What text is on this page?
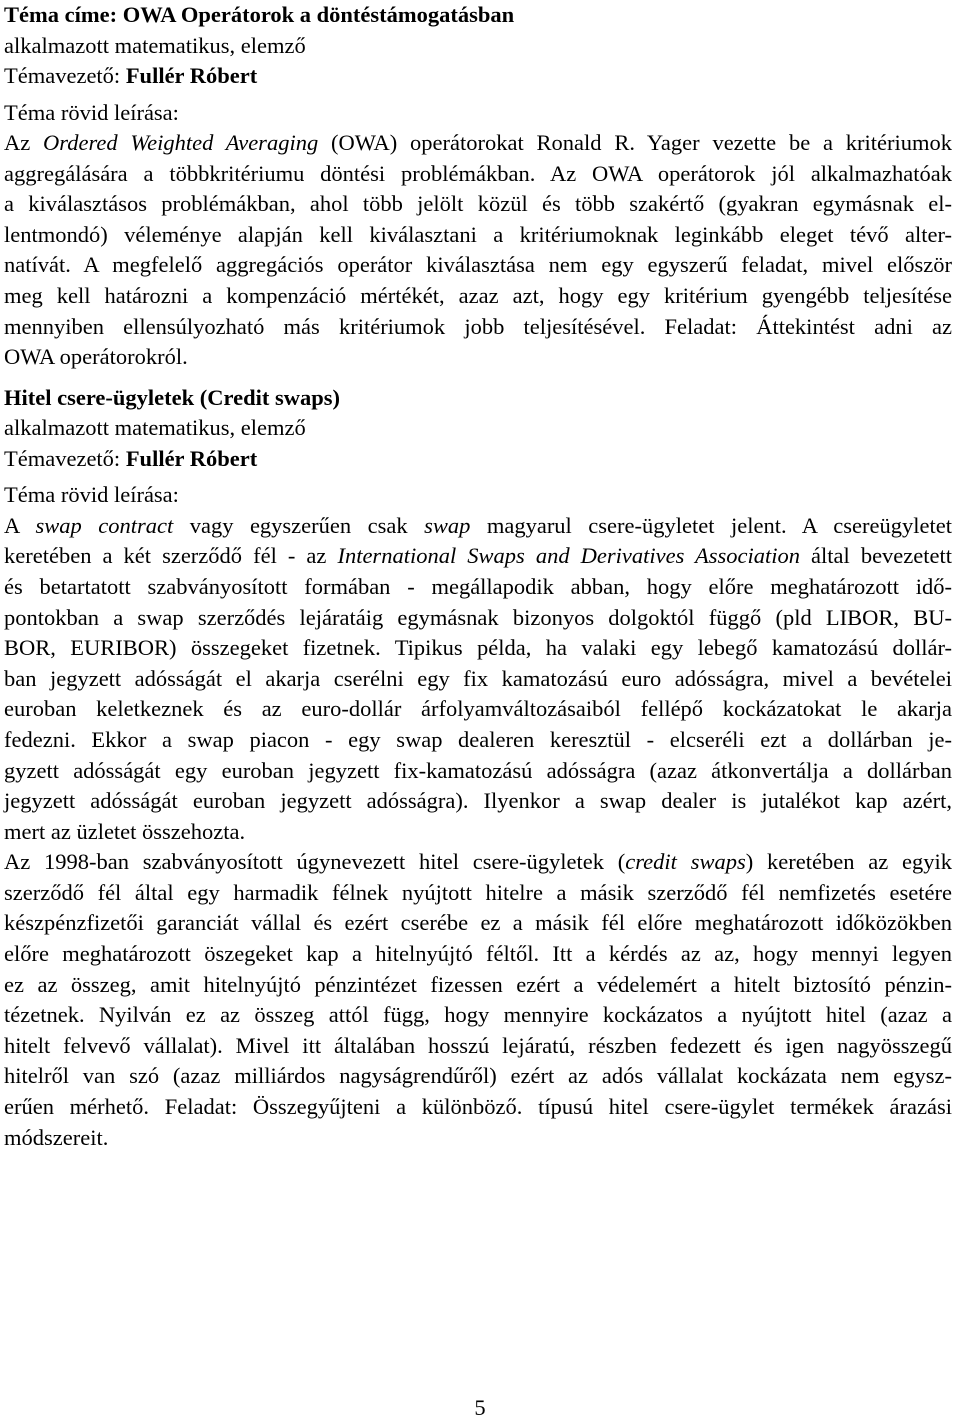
Téma címe: OWA Operátorok a döntéstámogatásban
alkalmazott matematikus, elemző
Témavezető: Fullér Róbert
Téma rövid leírása:
Az Ordered Weighted Averaging (OWA) operátorokat Ronald R. Yager vezette be a kritériumok
aggregálására a többkritériumu döntési problémákban. Az OWA operátorok jól alkalmazhatóak
a kiválasztásos problémákban, ahol több jelölt közül és több szakértő (gyakran egymásnak el-
lentmondó) véleménye alapján kell kiválasztani a kritériumoknak leginkább eleget tévő alter-
natívát. A megfelelő aggregációs operátor kiválasztása nem egy egyszerű feladat, mivel először
meg kell határozni a kompenzáció mértékét, azaz azt, hogy egy kritérium gyengébb teljesítése
mennyiben ellensúlyozható más kritériumok jobb teljesítésével. Feladat: Áttekintést adni az
OWA operátorokról.
Hitel csere-ügyletek (Credit swaps)
alkalmazott matematikus, elemző
Témavezető: Fullér Róbert
Téma rövid leírása:
A swap contract vagy egyszerűen csak swap magyarul csere-ügyletet jelent. A csereügyletet
keretében a két szerződő fél - az International Swaps and Derivatives Association által bevezetett
és betartatott szabványosított formában - megállapodik abban, hogy előre meghatározott idő-
pontokban a swap szerződés lejáratáig egymásnak bizonyos dolgoktól függő (pld LIBOR, BU-
BOR, EURIBOR) összegeket fizetnek. Tipikus példa, ha valaki egy lebegő kamatozású dollár-
ban jegyzett adósságát el akarja cserélni egy fix kamatozású euro adósságra, mivel a bevételei
euroban keletkeznek és az euro-dollár árfolyamváltozásaiból fellépő kockázatokat le akarja
fedezni. Ekkor a swap piacon - egy swap dealeren keresztül - elcseréli ezt a dollárban je-
gyzett adósságát egy euroban jegyzett fix-kamatozású adósságra (azaz átkonvertálja a dollárban
jegyzett adósságát euroban jegyzett adósságra). Ilyenkor a swap dealer is jutalékot kap azért,
mert az üzletet összehozta.
Az 1998-ban szabványosított úgynevezett hitel csere-ügyletek (credit swaps) keretében az egyik
szerződő fél által egy harmadik félnek nyújtott hitelre a másik szerződő fél nemfizetés esetére
készpénzfizetői garanciát vállal és ezért cserébe ez a másik fél előre meghatározott időközökben
előre meghatározott öszegeket kap a hitelnyújtó féltől. Itt a kérdés az az, hogy mennyi legyen
ez az összeg, amit hitelnyújtó pénzintézet fizessen ezért a védelemért a hitelt biztosító pénzin-
tézetnek. Nyilván ez az összeg attól függ, hogy mennyire kockázatos a nyújtott hitel (azaz a
hitelt felvevő vállalat). Mivel itt általában hosszú lejáratú, részben fedezett és igen nagyösszegű
hitelről van szó (azaz milliárdos nagyságrendűről) ezért az adós vállalat kockázata nem egysz-
erűen mérhető. Feladat: Összegyűjteni a különböző. típusú hitel csere-ügylet termékek árazási
módszereit.
5
